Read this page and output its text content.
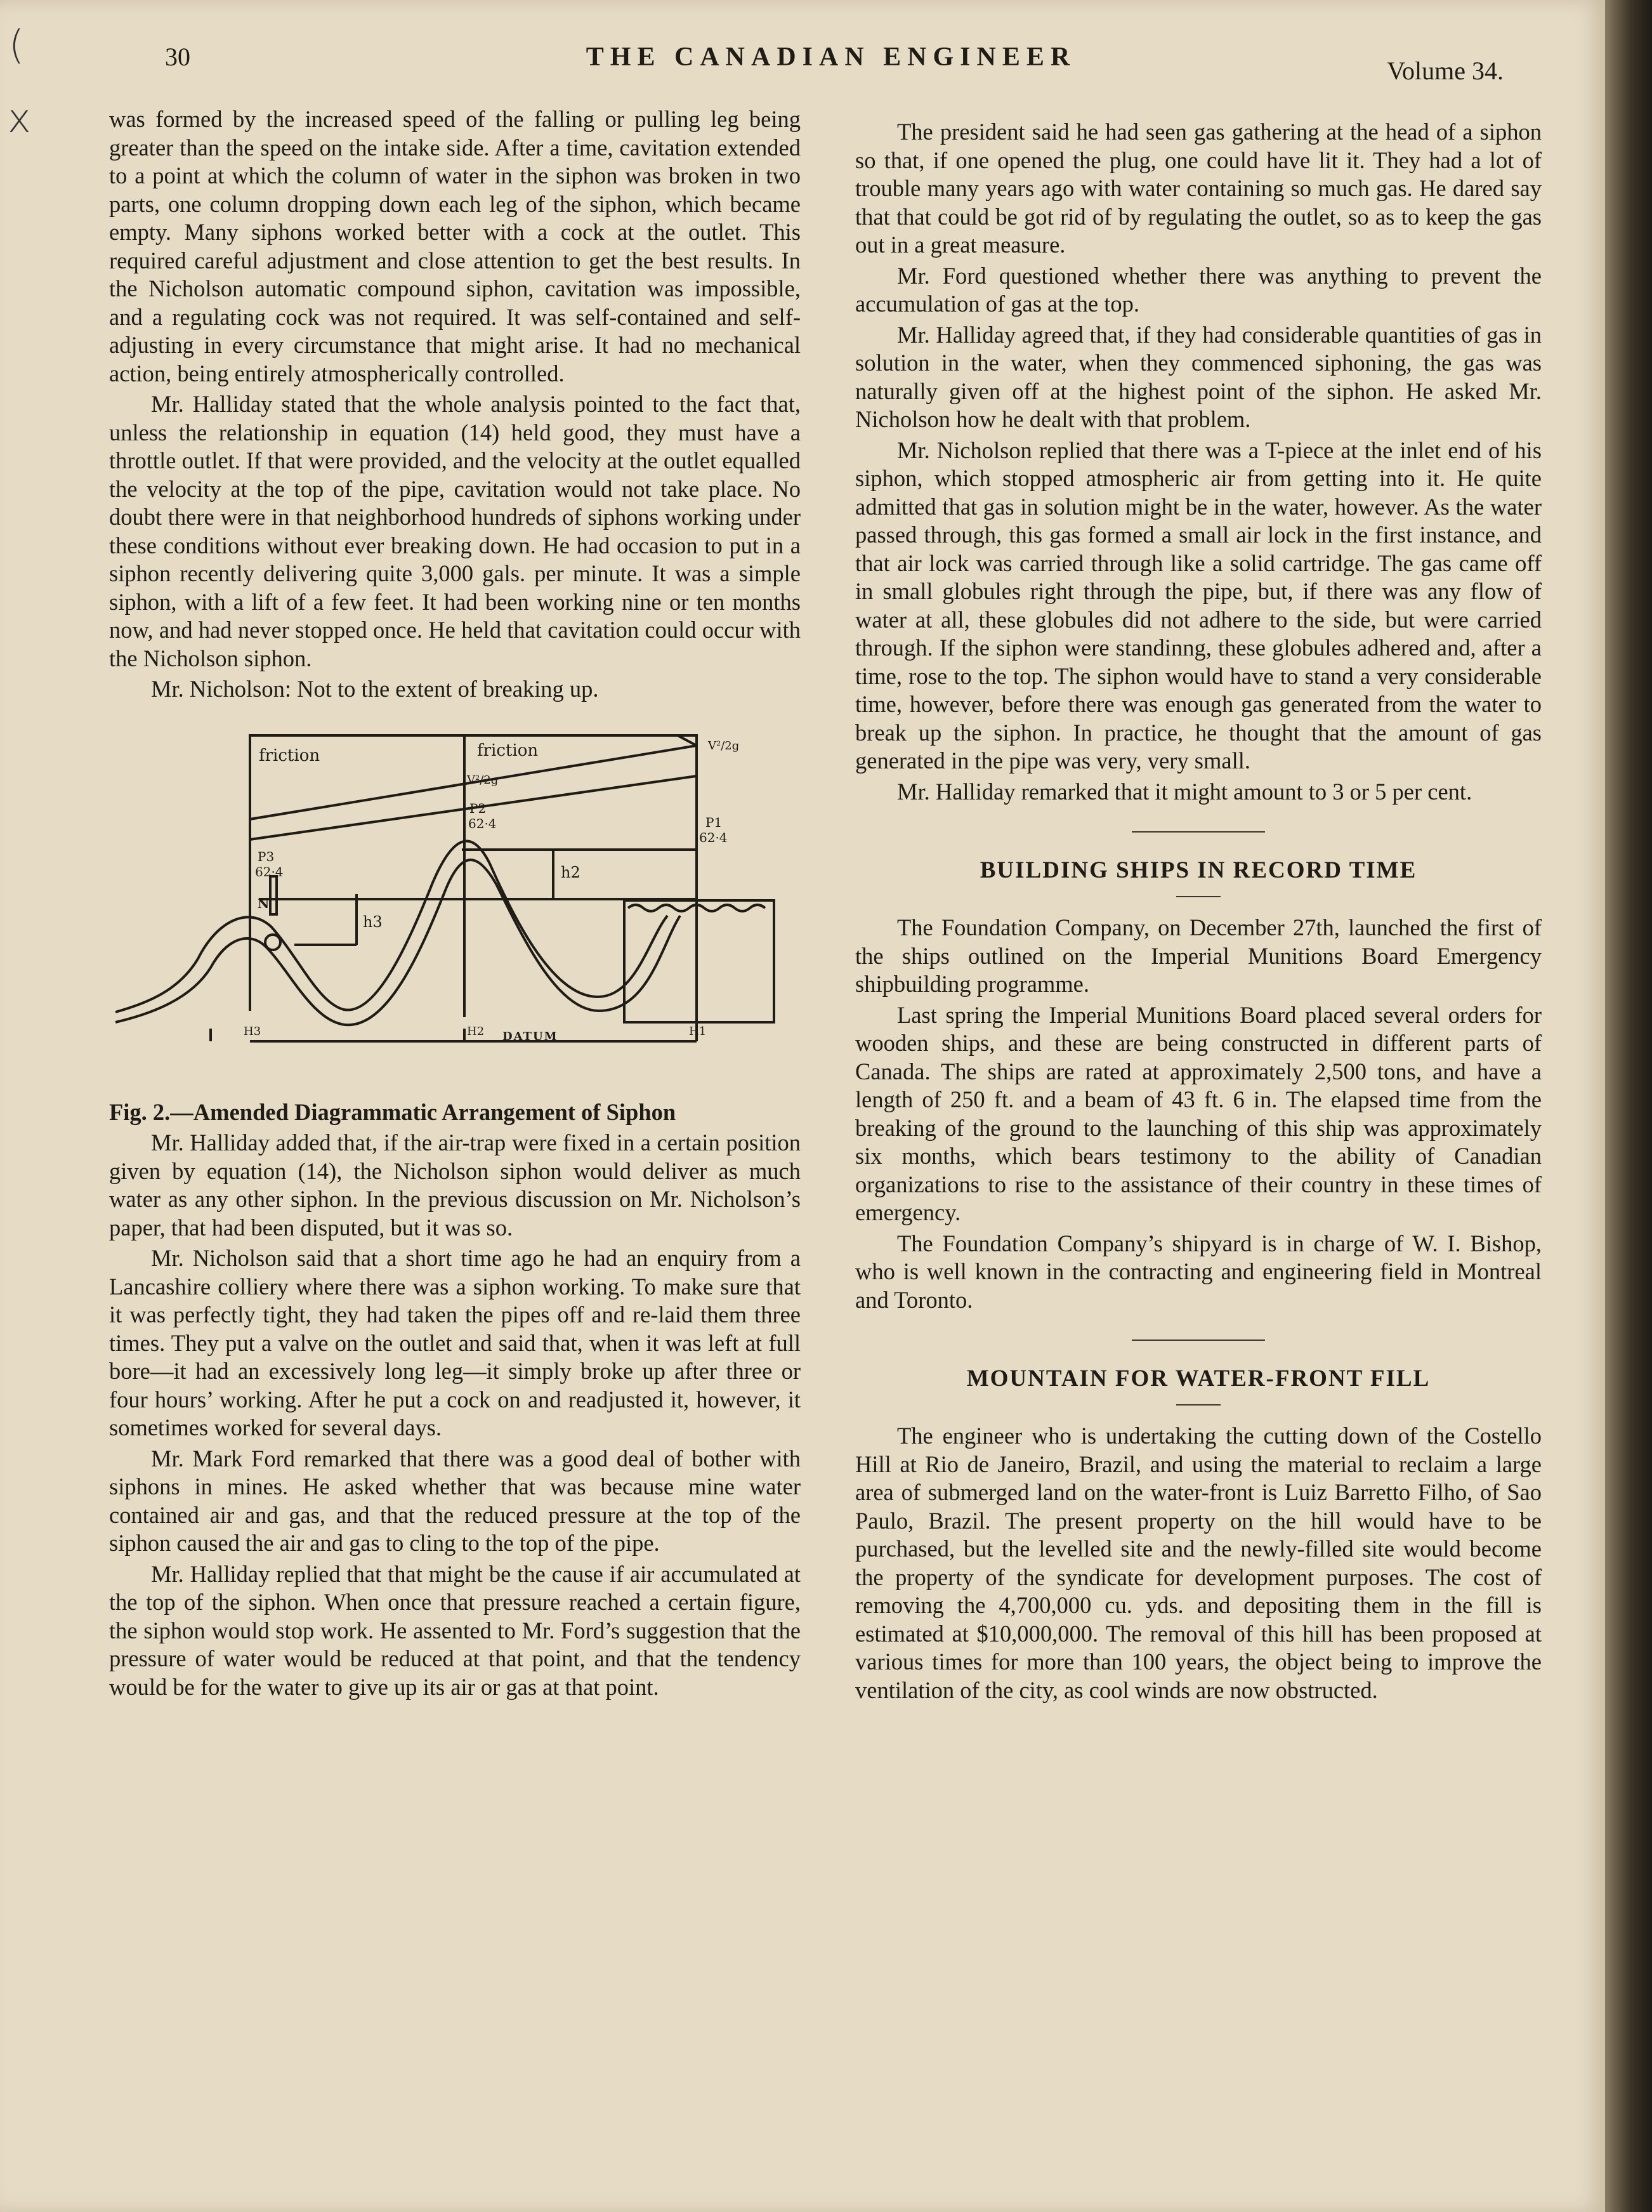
(
x
30	THE CANADIAN ENGINEER	Volume 34.

was formed by the increased speed of the falling or pulling leg being greater than the speed on the intake side. After a time, cavitation extended to a point at which the column of water in the siphon was broken in two parts, one column dropping down each leg of the siphon, which became empty. Many siphons worked better with a cock at the outlet. This required careful adjustment and close attention to get the best results. In the Nicholson automatic compound siphon, cavitation was impossible, and a regulating cock was not required. It was self-contained and self-adjusting in every circumstance that might arise. It had no mechanical action, being entirely atmospherically controlled.

Mr. Halliday stated that the whole analysis pointed to the fact that, unless the relationship in equation (14) held good, they must have a throttle outlet. If that were provided, and the velocity at the outlet equalled the velocity at the top of the pipe, cavitation would not take place. No doubt there were in that neighborhood hundreds of siphons working under these conditions without ever breaking down. He had occasion to put in a siphon recently delivering quite 3,000 gals. per minute. It was a simple siphon, with a lift of a few feet. It had been working nine or ten months now, and had never stopped once. He held that cavitation could occur with the Nicholson siphon.

Mr. Nicholson: Not to the extent of breaking up.

friction	friction	V²/2g
V²/2g
P2
62·4	P1
62·4
P3
62·4	h2
h3
N
H3	H2 DATUM	H1

Fig. 2.—Amended Diagrammatic Arrangement of Siphon

Mr. Halliday added that, if the air-trap were fixed in a certain position given by equation (14), the Nicholson siphon would deliver as much water as any other siphon. In the previous discussion on Mr. Nicholson’s paper, that had been disputed, but it was so.

Mr. Nicholson said that a short time ago he had an enquiry from a Lancashire colliery where there was a siphon working. To make sure that it was perfectly tight, they had taken the pipes off and re-laid them three times. They put a valve on the outlet and said that, when it was left at full bore—it had an excessively long leg—it simply broke up after three or four hours’ working. After he put a cock on and readjusted it, however, it sometimes worked for several days.

Mr. Mark Ford remarked that there was a good deal of bother with siphons in mines. He asked whether that was because mine water contained air and gas, and that the reduced pressure at the top of the siphon caused the air and gas to cling to the top of the pipe.

Mr. Halliday replied that that might be the cause if air accumulated at the top of the siphon. When once that pressure reached a certain figure, the siphon would stop work. He assented to Mr. Ford’s suggestion that the pressure of water would be reduced at that point, and that the tendency would be for the water to give up its air or gas at that point.

The president said he had seen gas gathering at the head of a siphon so that, if one opened the plug, one could have lit it. They had a lot of trouble many years ago with water containing so much gas. He dared say that that could be got rid of by regulating the outlet, so as to keep the gas out in a great measure.

Mr. Ford questioned whether there was anything to prevent the accumulation of gas at the top.

Mr. Halliday agreed that, if they had considerable quantities of gas in solution in the water, when they commenced siphoning, the gas was naturally given off at the highest point of the siphon. He asked Mr. Nicholson how he dealt with that problem.

Mr. Nicholson replied that there was a T-piece at the inlet end of his siphon, which stopped atmospheric air from getting into it. He quite admitted that gas in solution might be in the water, however. As the water passed through, this gas formed a small air lock in the first instance, and that air lock was carried through like a solid cartridge. The gas came off in small globules right through the pipe, but, if there was any flow of water at all, these globules did not adhere to the side, but were carried through. If the siphon were standinng, these globules adhered and, after a time, rose to the top. The siphon would have to stand a very considerable time, however, before there was enough gas generated from the water to break up the siphon. In practice, he thought that the amount of gas generated in the pipe was very, very small.

Mr. Halliday remarked that it might amount to 3 or 5 per cent.

BUILDING SHIPS IN RECORD TIME

The Foundation Company, on December 27th, launched the first of the ships outlined on the Imperial Munitions Board Emergency shipbuilding programme.

Last spring the Imperial Munitions Board placed several orders for wooden ships, and these are being constructed in different parts of Canada. The ships are rated at approximately 2,500 tons, and have a length of 250 ft. and a beam of 43 ft. 6 in. The elapsed time from the breaking of the ground to the launching of this ship was approximately six months, which bears testimony to the ability of Canadian organizations to rise to the assistance of their country in these times of emergency.

The Foundation Company’s shipyard is in charge of W. I. Bishop, who is well known in the contracting and engineering field in Montreal and Toronto.

MOUNTAIN FOR WATER-FRONT FILL

The engineer who is undertaking the cutting down of the Costello Hill at Rio de Janeiro, Brazil, and using the material to reclaim a large area of submerged land on the water-front is Luiz Barretto Filho, of Sao Paulo, Brazil. The present property on the hill would have to be purchased, but the levelled site and the newly-filled site would become the property of the syndicate for development purposes. The cost of removing the 4,700,000 cu. yds. and depositing them in the fill is estimated at $10,000,000. The removal of this hill has been proposed at various times for more than 100 years, the object being to improve the ventilation of the city, as cool winds are now obstructed.
